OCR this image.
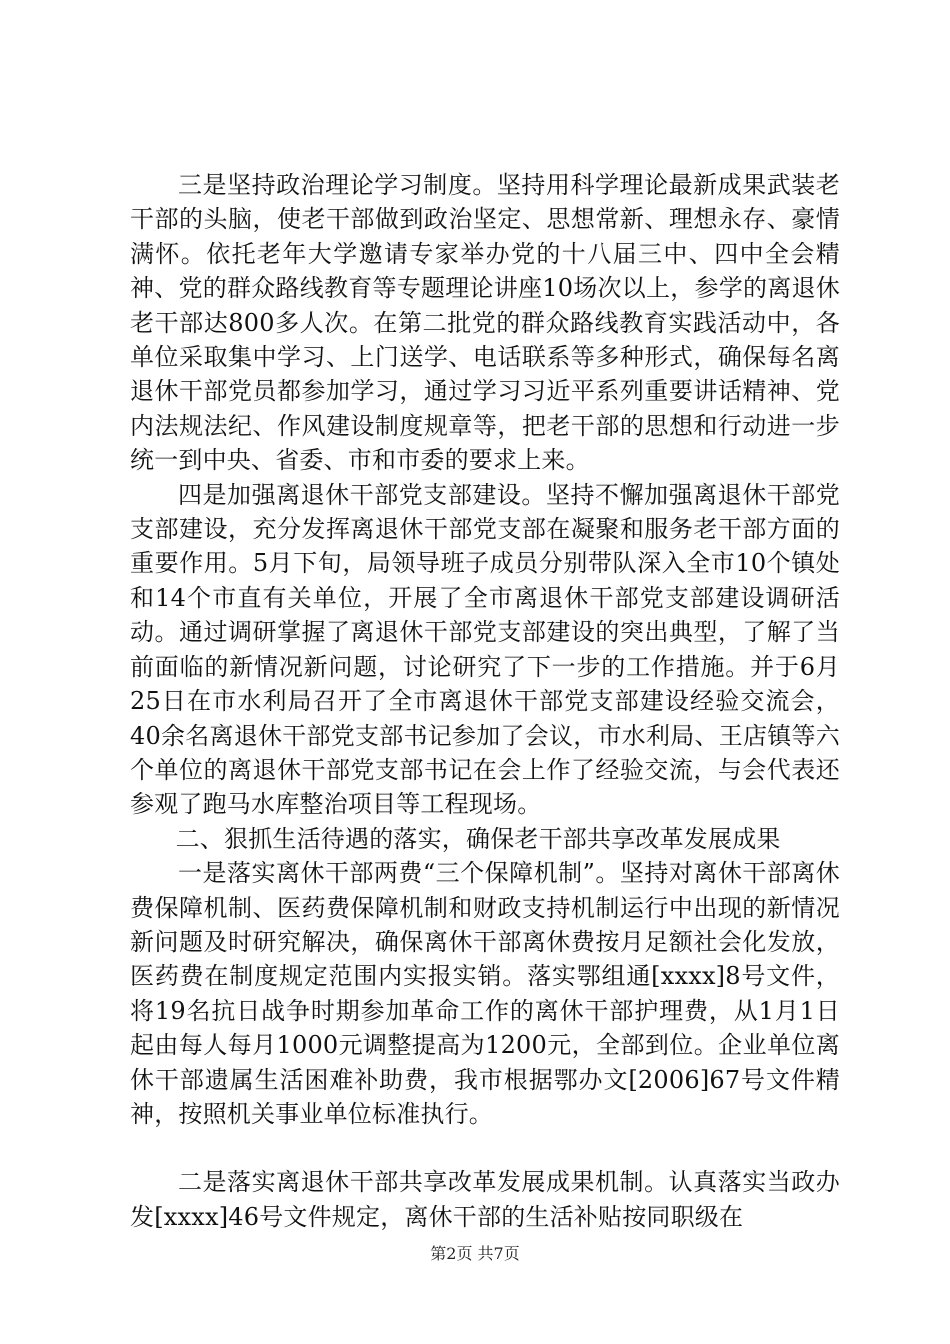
三是坚持政治理论学习制度。坚持用科学理论最新成果武装老干部的头脑，使老干部做到政治坚定、思想常新、理想永存、豪情满怀。依托老年大学邀请专家举办党的十八届三中、四中全会精神、党的群众路线教育等专题理论讲座10场次以上，参学的离退休老干部达800多人次。在第二批党的群众路线教育实践活动中，各单位采取集中学习、上门送学、电话联系等多种形式，确保每名离退休干部党员都参加学习，通过学习习近平系列重要讲话精神、党内法规法纪、作风建设制度规章等，把老干部的思想和行动进一步统一到中央、省委、市和市委的要求上来。

四是加强离退休干部党支部建设。坚持不懈加强离退休干部党支部建设，充分发挥离退休干部党支部在凝聚和服务老干部方面的重要作用。5月下旬，局领导班子成员分别带队深入全市10个镇处和14个市直有关单位，开展了全市离退休干部党支部建设调研活动。通过调研掌握了离退休干部党支部建设的突出典型，了解了当前面临的新情况新问题，讨论研究了下一步的工作措施。并于6月25日在市水利局召开了全市离退休干部党支部建设经验交流会，40余名离退休干部党支部书记参加了会议，市水利局、王店镇等六个单位的离退休干部党支部书记在会上作了经验交流，与会代表还参观了跑马水库整治项目等工程现场。

二、狠抓生活待遇的落实，确保老干部共享改革发展成果

一是落实离休干部两费“三个保障机制”。坚持对离休干部离休费保障机制、医药费保障机制和财政支持机制运行中出现的新情况新问题及时研究解决，确保离休干部离休费按月足额社会化发放，医药费在制度规定范围内实报实销。落实鄂组通[xxxx]8号文件，将19名抗日战争时期参加革命工作的离休干部护理费，从1月1日起由每人每月1000元调整提高为1200元，全部到位。企业单位离休干部遗属生活困难补助费，我市根据鄂办文[2006]67号文件精神，按照机关事业单位标准执行。

二是落实离退休干部共享改革发展成果机制。认真落实当政办发[xxxx]46号文件规定，离休干部的生活补贴按同职级在

第2页 共7页
